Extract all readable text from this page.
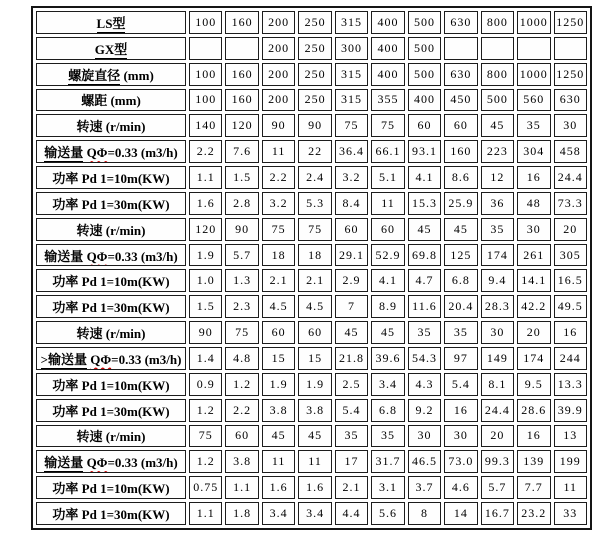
LS型	100	160	200	250	315	400	500	630	800	1000	1250
GX型			200	250	300	400	500				
螺旋直径 (mm)	100	160	200	250	315	400	500	630	800	1000	1250
螺距 (mm)	100	160	200	250	315	355	400	450	500	560	630
转速 (r/min)	140	120	90	90	75	75	60	60	45	35	30
输送量 QΦ=0.33 (m3/h)	2.2	7.6	11	22	36.4	66.1	93.1	160	223	304	458
功率 Pd 1=10m(KW)	1.1	1.5	2.2	2.4	3.2	5.1	4.1	8.6	12	16	24.4
功率 Pd 1=30m(KW)	1.6	2.8	3.2	5.3	8.4	11	15.3	25.9	36	48	73.3
转速 (r/min)	120	90	75	75	60	60	45	45	35	30	20
输送量 QΦ=0.33 (m3/h)	1.9	5.7	18	18	29.1	52.9	69.8	125	174	261	305
功率 Pd 1=10m(KW)	1.0	1.3	2.1	2.1	2.9	4.1	4.7	6.8	9.4	14.1	16.5
功率 Pd 1=30m(KW)	1.5	2.3	4.5	4.5	7	8.9	11.6	20.4	28.3	42.2	49.5
转速 (r/min)	90	75	60	60	45	45	35	35	30	20	16
>输送量 QΦ=0.33 (m3/h)	1.4	4.8	15	15	21.8	39.6	54.3	97	149	174	244
功率 Pd 1=10m(KW)	0.9	1.2	1.9	1.9	2.5	3.4	4.3	5.4	8.1	9.5	13.3
功率 Pd 1=30m(KW)	1.2	2.2	3.8	3.8	5.4	6.8	9.2	16	24.4	28.6	39.9
转速 (r/min)	75	60	45	45	35	35	30	30	20	16	13
输送量 QΦ=0.33 (m3/h)	1.2	3.8	11	11	17	31.7	46.5	73.0	99.3	139	199
功率 Pd 1=10m(KW)	0.75	1.1	1.6	1.6	2.1	3.1	3.7	4.6	5.7	7.7	11
功率 Pd 1=30m(KW)	1.1	1.8	3.4	3.4	4.4	5.6	8	14	16.7	23.2	33
